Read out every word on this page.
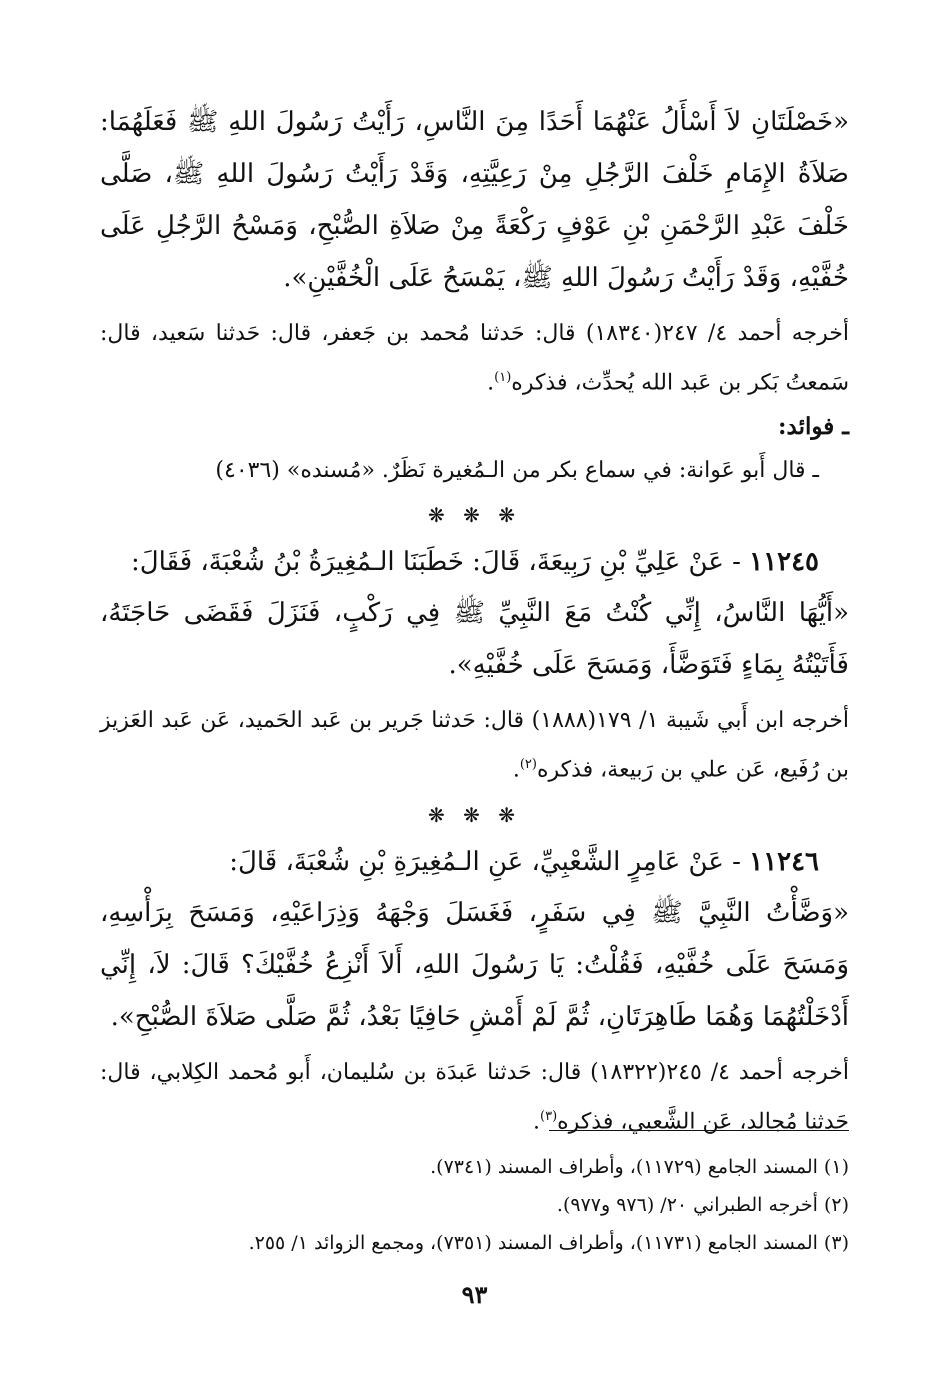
«خَصْلَتَانِ لاَ أَسْأَلُ عَنْهُمَا أَحَدًا مِنَ النَّاسِ، رَأَيْتُ رَسُولَ اللهِ ﷺ فَعَلَهُمَا: صَلاَةُ الإِمَامِ خَلْفَ الرَّجُلِ مِنْ رَعِيَّتِهِ، وَقَدْ رَأَيْتُ رَسُولَ اللهِ ﷺ، صَلَّى خَلْفَ عَبْدِ الرَّحْمَنِ بْنِ عَوْفٍ رَكْعَةً مِنْ صَلاَةِ الصُّبْحِ، وَمَسْحُ الرَّجُلِ عَلَى خُفَّيْهِ، وَقَدْ رَأَيْتُ رَسُولَ اللهِ ﷺ، يَمْسَحُ عَلَى الْخُفَّيْنِ».

أخرجه أحمد ٤/ ٢٤٧(١٨٣٤٠) قال: حَدثنا مُحمد بن جَعفر، قال: حَدثنا سَعيد، قال: سَمعتُ بَكر بن عَبد الله يُحدِّث، فذكره$^{(١)}$.

ـ فوائد:

ـ قال أَبو عَوانة: في سماع بكر من الـمُغيرة نَظَرٌ. «مُسنده» (٤٠٣٦)

❋ ❋ ❋

١١٢٤٥ - عَنْ عَلِيِّ بْنِ رَبِيعَةَ، قَالَ: خَطَبَنَا الـمُغِيرَةُ بْنُ شُعْبَةَ، فَقَالَ:

«أَيُّهَا النَّاسُ، إِنِّي كُنْتُ مَعَ النَّبِيِّ ﷺ فِي رَكْبٍ، فَنَزَلَ فَقَضَى حَاجَتَهُ، فَأَتَيْتُهُ بِمَاءٍ فَتَوَضَّأَ، وَمَسَحَ عَلَى خُفَّيْهِ».

أخرجه ابن أَبي شَيبة ١/ ١٧٩(١٨٨٨) قال: حَدثنا جَرير بن عَبد الحَميد، عَن عَبد العَزيز بن رُفَيع، عَن علي بن رَبيعة، فذكره$^{(٢)}$.

❋ ❋ ❋

١١٢٤٦ - عَنْ عَامِرٍ الشَّعْبِيِّ، عَنِ الـمُغِيرَةِ بْنِ شُعْبَةَ، قَالَ:

«وَضَّأْتُ النَّبِيَّ ﷺ فِي سَفَرٍ، فَغَسَلَ وَجْهَهُ وَذِرَاعَيْهِ، وَمَسَحَ بِرَأْسِهِ، وَمَسَحَ عَلَى خُفَّيْهِ، فَقُلْتُ: يَا رَسُولَ اللهِ، أَلاَ أَنْزِعُ خُفَّيْكَ؟ قَالَ: لاَ، إِنِّي أَدْخَلْتُهُمَا وَهُمَا طَاهِرَتَانِ، ثُمَّ لَمْ أَمْشِ حَافِيًا بَعْدُ، ثُمَّ صَلَّى صَلاَةَ الصُّبْحِ».

أخرجه أحمد ٤/ ٢٤٥(١٨٣٢٢) قال: حَدثنا عَبدَة بن سُليمان، أَبو مُحمد الكِلابي، قال: حَدثنا مُجالد، عَن الشَّعبي، فذكره$^{(٣)}$.

(١) المسند الجامع (١١٧٢٩)، وأطراف المسند (٧٣٤١).

(٢) أخرجه الطبراني ٢٠/ (٩٧٦ و٩٧٧).

(٣) المسند الجامع (١١٧٣١)، وأطراف المسند (٧٣٥١)، ومجمع الزوائد ١/ ٢٥٥.

٩٣
